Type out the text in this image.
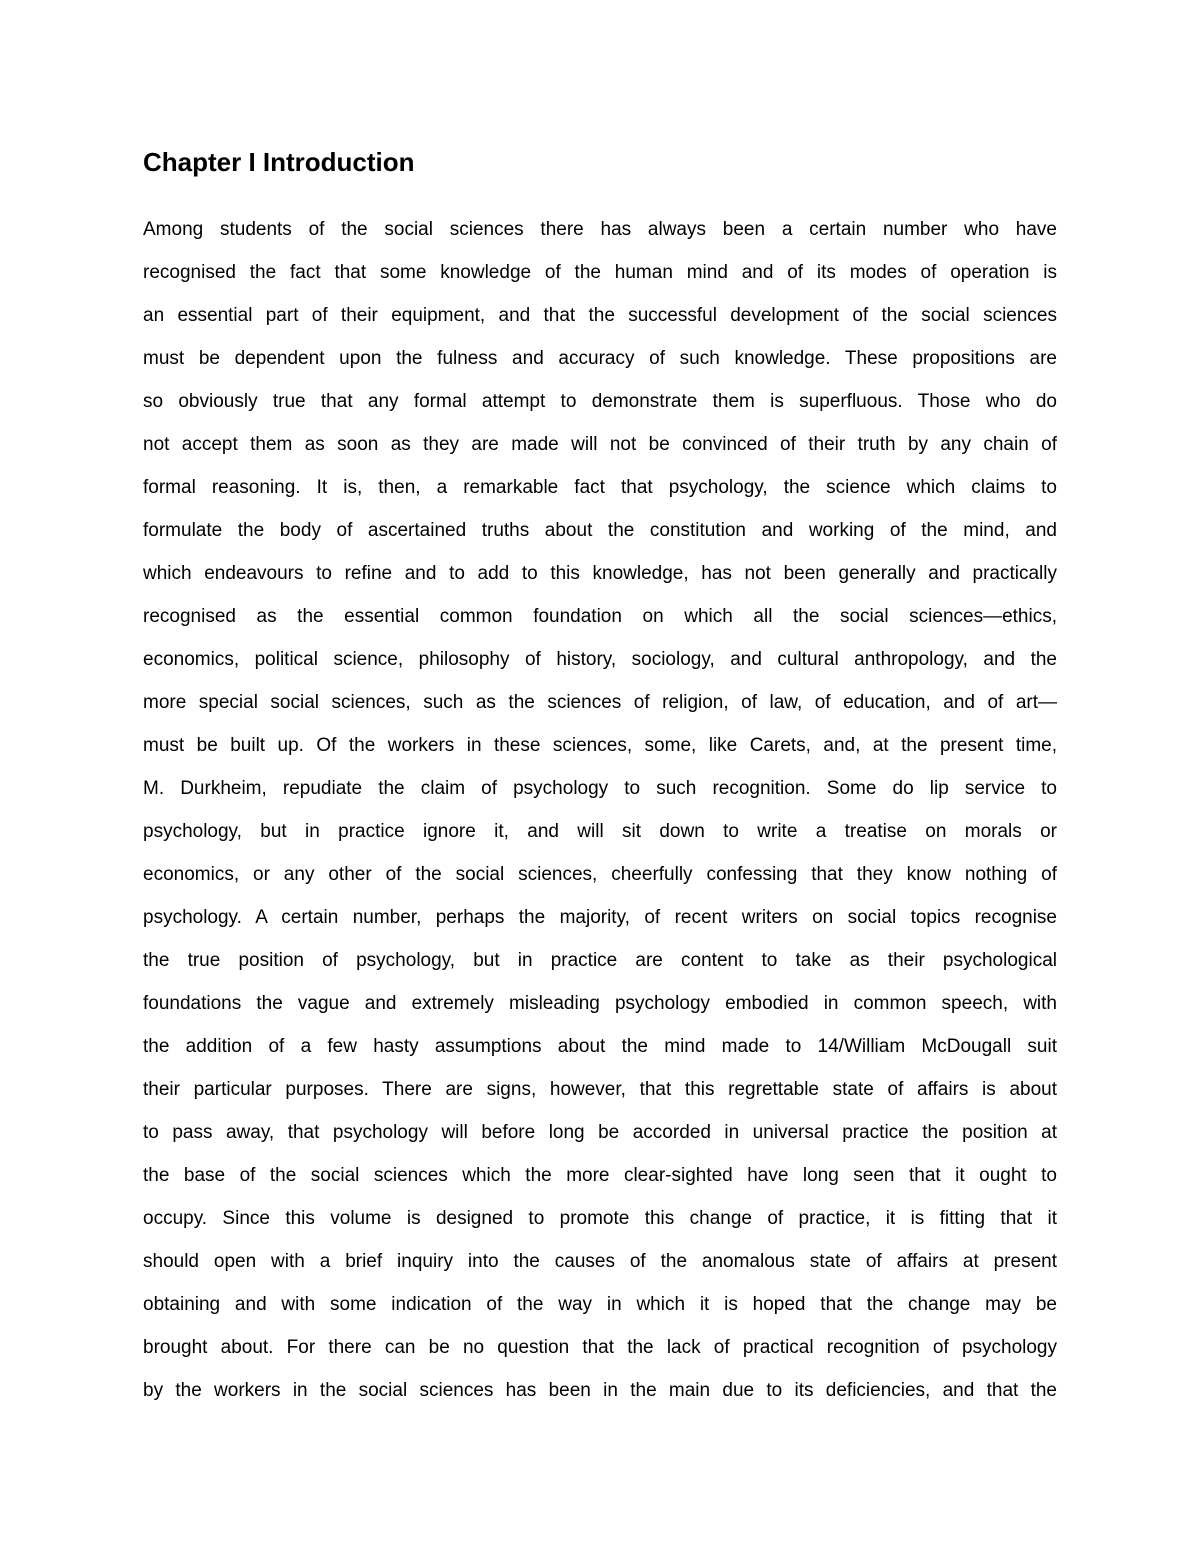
Chapter I Introduction
Among students of the social sciences there has always been a certain number who have
recognised the fact that some knowledge of the human mind and of its modes of operation is
an essential part of their equipment, and that the successful development of the social sciences
must be dependent upon the fulness and accuracy of such knowledge. These propositions are
so obviously true that any formal attempt to demonstrate them is superfluous. Those who do
not accept them as soon as they are made will not be convinced of their truth by any chain of
formal reasoning. It is, then, a remarkable fact that psychology, the science which claims to
formulate the body of ascertained truths about the constitution and working of the mind, and
which endeavours to refine and to add to this knowledge, has not been generally and practically
recognised as the essential common foundation on which all the social sciences—ethics,
economics, political science, philosophy of history, sociology, and cultural anthropology, and the
more special social sciences, such as the sciences of religion, of law, of education, and of art—
must be built up. Of the workers in these sciences, some, like Carets, and, at the present time,
M. Durkheim, repudiate the claim of psychology to such recognition. Some do lip service to
psychology, but in practice ignore it, and will sit down to write a treatise on morals or
economics, or any other of the social sciences, cheerfully confessing that they know nothing of
psychology. A certain number, perhaps the majority, of recent writers on social topics recognise
the true position of psychology, but in practice are content to take as their psychological
foundations the vague and extremely misleading psychology embodied in common speech, with
the addition of a few hasty assumptions about the mind made to 14/William McDougall suit
their particular purposes. There are signs, however, that this regrettable state of affairs is about
to pass away, that psychology will before long be accorded in universal practice the position at
the base of the social sciences which the more clear-sighted have long seen that it ought to
occupy. Since this volume is designed to promote this change of practice, it is fitting that it
should open with a brief inquiry into the causes of the anomalous state of affairs at present
obtaining and with some indication of the way in which it is hoped that the change may be
brought about. For there can be no question that the lack of practical recognition of psychology
by the workers in the social sciences has been in the main due to its deficiencies, and that the
